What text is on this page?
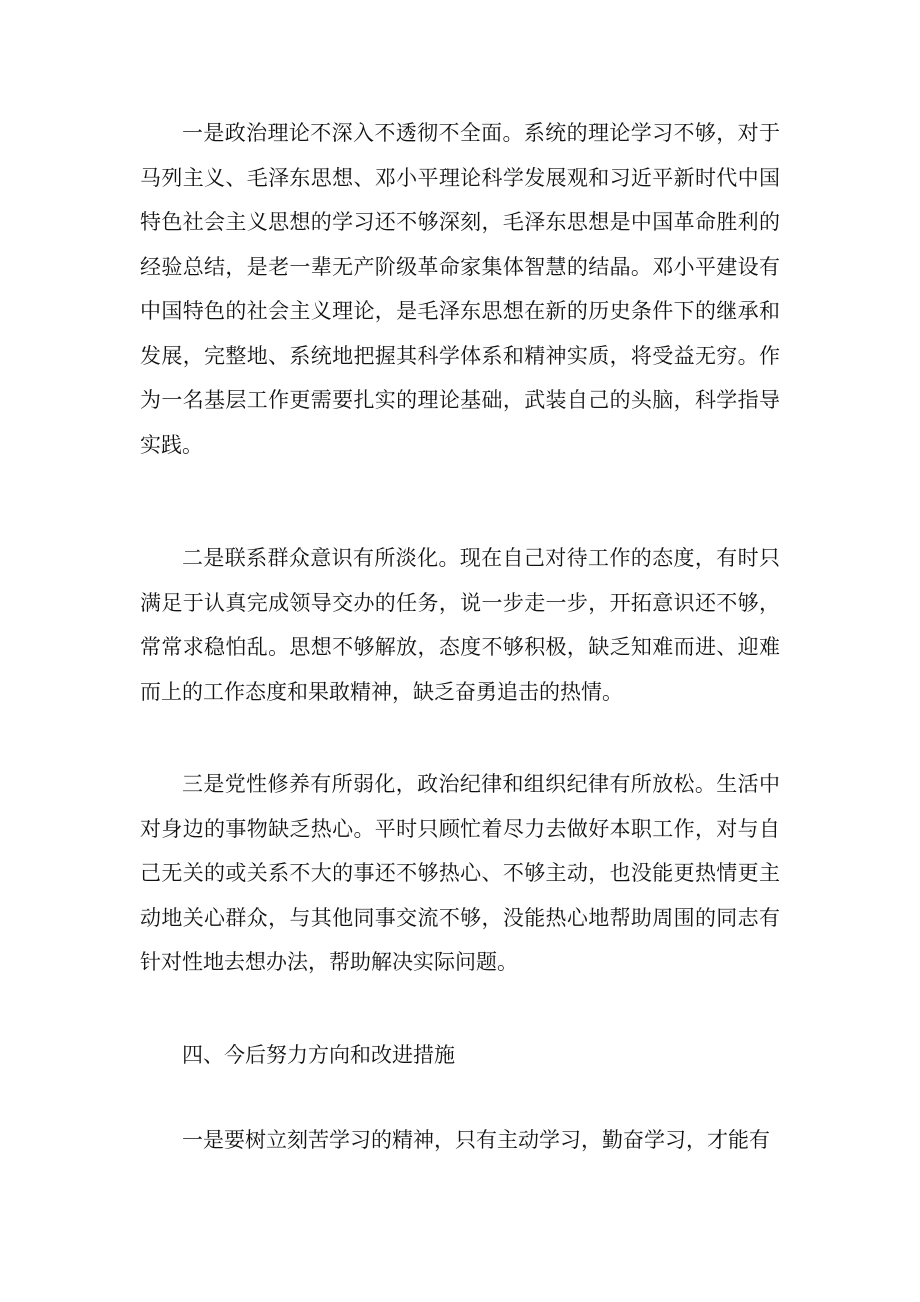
一是政治理论不深入不透彻不全面。系统的理论学习不够，对于
马列主义、毛泽东思想、邓小平理论科学发展观和习近平新时代中国
特色社会主义思想的学习还不够深刻，毛泽东思想是中国革命胜利的
经验总结，是老一辈无产阶级革命家集体智慧的结晶。邓小平建设有
中国特色的社会主义理论，是毛泽东思想在新的历史条件下的继承和
发展，完整地、系统地把握其科学体系和精神实质，将受益无穷。作
为一名基层工作更需要扎实的理论基础，武装自己的头脑，科学指导
实践。

二是联系群众意识有所淡化。现在自己对待工作的态度，有时只
满足于认真完成领导交办的任务，说一步走一步，开拓意识还不够，
常常求稳怕乱。思想不够解放，态度不够积极，缺乏知难而进、迎难
而上的工作态度和果敢精神，缺乏奋勇追击的热情。

三是党性修养有所弱化，政治纪律和组织纪律有所放松。生活中
对身边的事物缺乏热心。平时只顾忙着尽力去做好本职工作，对与自
己无关的或关系不大的事还不够热心、不够主动，也没能更热情更主
动地关心群众，与其他同事交流不够，没能热心地帮助周围的同志有
针对性地去想办法，帮助解决实际问题。

四、今后努力方向和改进措施

一是要树立刻苦学习的精神，只有主动学习，勤奋学习，才能有
